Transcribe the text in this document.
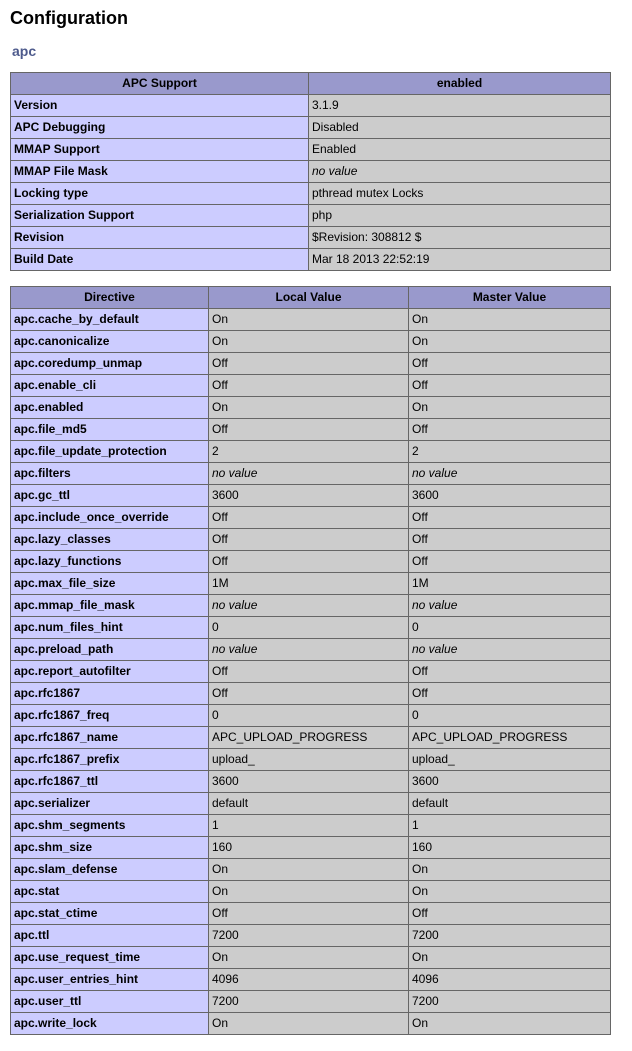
Configuration
apc
APC Support	enabled
Version	3.1.9
APC Debugging	Disabled
MMAP Support	Enabled
MMAP File Mask	no value
Locking type	pthread mutex Locks
Serialization Support	php
Revision	$Revision: 308812 $
Build Date	Mar 18 2013 22:52:19
Directive	Local Value	Master Value
apc.cache_by_default	On	On
apc.canonicalize	On	On
apc.coredump_unmap	Off	Off
apc.enable_cli	Off	Off
apc.enabled	On	On
apc.file_md5	Off	Off
apc.file_update_protection	2	2
apc.filters	no value	no value
apc.gc_ttl	3600	3600
apc.include_once_override	Off	Off
apc.lazy_classes	Off	Off
apc.lazy_functions	Off	Off
apc.max_file_size	1M	1M
apc.mmap_file_mask	no value	no value
apc.num_files_hint	0	0
apc.preload_path	no value	no value
apc.report_autofilter	Off	Off
apc.rfc1867	Off	Off
apc.rfc1867_freq	0	0
apc.rfc1867_name	APC_UPLOAD_PROGRESS	APC_UPLOAD_PROGRESS
apc.rfc1867_prefix	upload_	upload_
apc.rfc1867_ttl	3600	3600
apc.serializer	default	default
apc.shm_segments	1	1
apc.shm_size	160	160
apc.slam_defense	On	On
apc.stat	On	On
apc.stat_ctime	Off	Off
apc.ttl	7200	7200
apc.use_request_time	On	On
apc.user_entries_hint	4096	4096
apc.user_ttl	7200	7200
apc.write_lock	On	On
